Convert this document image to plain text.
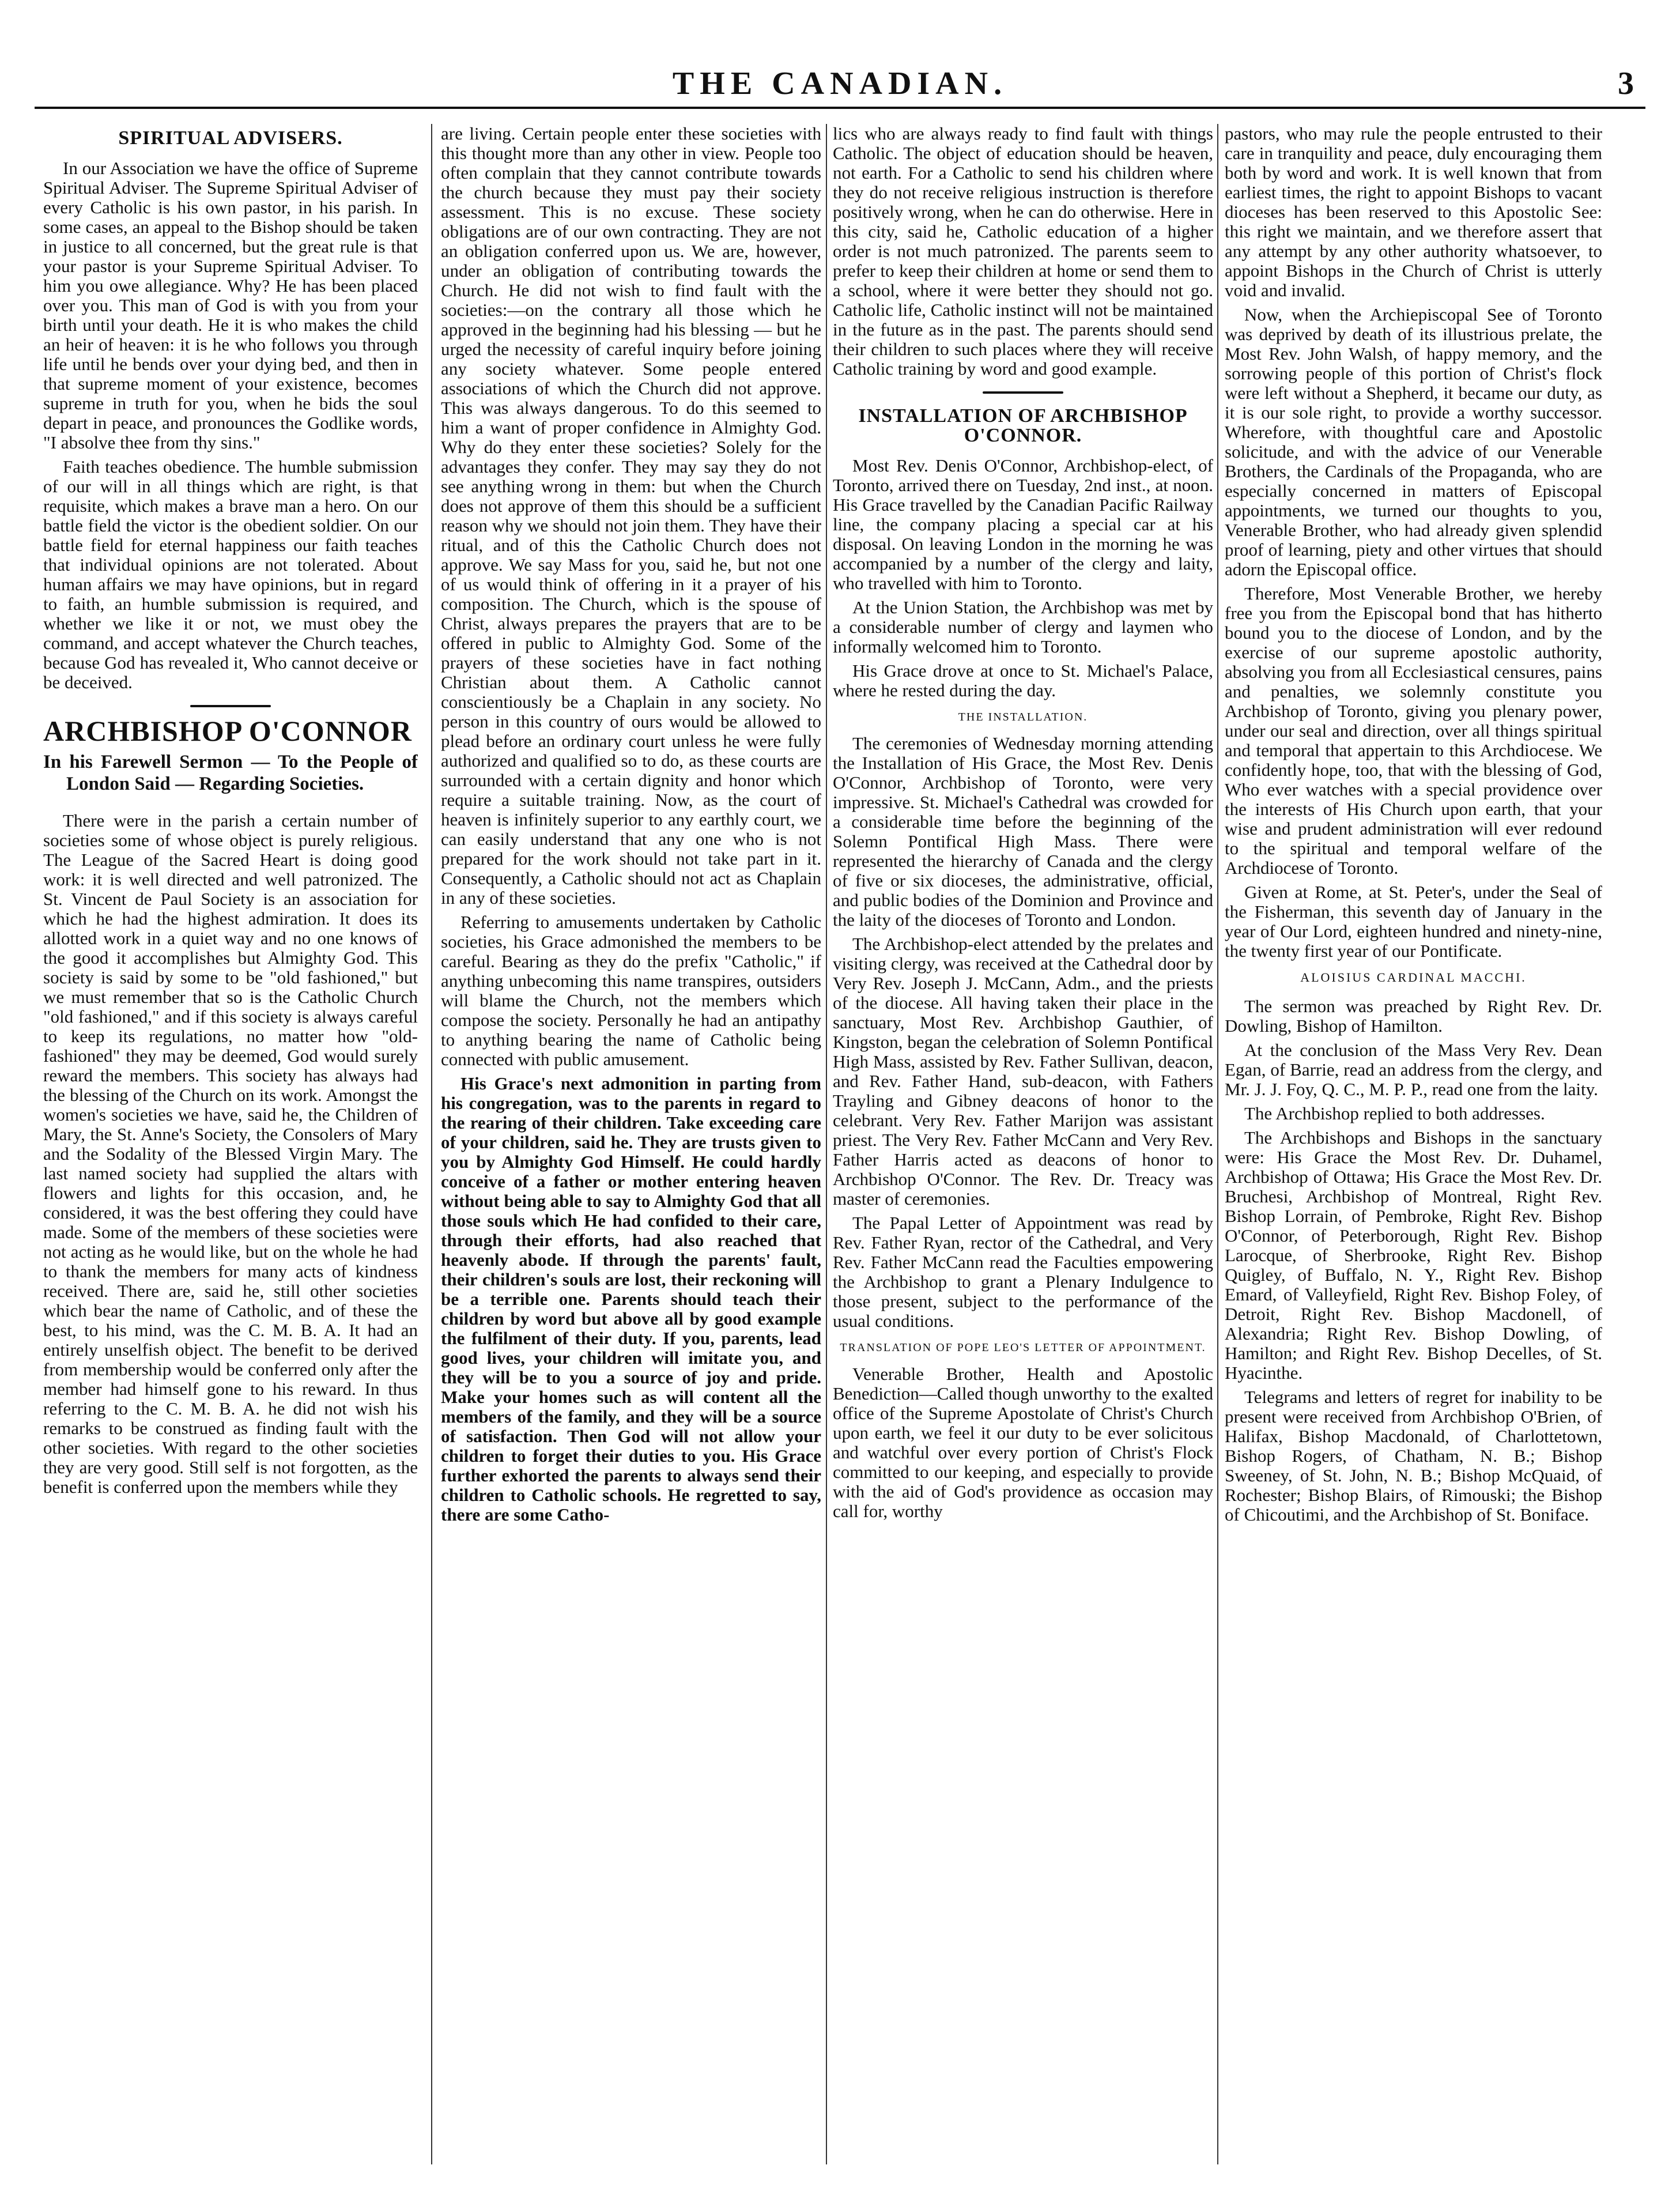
THE CANADIAN.	3
SPIRITUAL ADVISERS.

In our Association we have the office of Supreme Spiritual Adviser. The Supreme Spiritual Adviser of every Catholic is his own pastor, in his parish. In some cases, an appeal to the Bishop should be taken in justice to all concerned, but the great rule is that your pastor is your Supreme Spiritual Adviser. To him you owe allegiance. Why? He has been placed over you. This man of God is with you from your birth until your death. He it is who makes the child an heir of heaven: it is he who follows you through life until he bends over your dying bed, and then in that supreme moment of your existence, becomes supreme in truth for you, when he bids the soul depart in peace, and pronounces the Godlike words, "I absolve thee from thy sins."

Faith teaches obedience. The humble submission of our will in all things which are right, is that requisite, which makes a brave man a hero. On our battle field the victor is the obedient soldier. On our battle field for eternal happiness our faith teaches that individual opinions are not tolerated. About human affairs we may have opinions, but in regard to faith, an humble submission is required, and whether we like it or not, we must obey the command, and accept whatever the Church teaches, because God has revealed it, Who cannot deceive or be deceived.

ARCHBISHOP O'CONNOR
In his Farewell Sermon — To the People of London Said — Regarding Societies.

There were in the parish a certain number of societies some of whose object is purely religious. The League of the Sacred Heart is doing good work: it is well directed and well patronized. The St. Vincent de Paul Society is an association for which he had the highest admiration. It does its allotted work in a quiet way and no one knows of the good it accomplishes but Almighty God. This society is said by some to be "old fashioned," but we must remember that so is the Catholic Church "old fashioned," and if this society is always careful to keep its regulations, no matter how "old-fashioned" they may be deemed, God would surely reward the members. This society has always had the blessing of the Church on its work. Amongst the women's societies we have, said he, the Children of Mary, the St. Anne's Society, the Consolers of Mary and the Sodality of the Blessed Virgin Mary. The last named society had supplied the altars with flowers and lights for this occasion, and, he considered, it was the best offering they could have made. Some of the members of these societies were not acting as he would like, but on the whole he had to thank the members for many acts of kindness received. There are, said he, still other societies which bear the name of Catholic, and of these the best, to his mind, was the C. M. B. A. It had an entirely unselfish object. The benefit to be derived from membership would be conferred only after the member had himself gone to his reward. In thus referring to the C. M. B. A. he did not wish his remarks to be construed as finding fault with the other societies. With regard to the other societies they are very good. Still self is not forgotten, as the benefit is conferred upon the members while they

are living. Certain people enter these societies with this thought more than any other in view. People too often complain that they cannot contribute towards the church because they must pay their society assessment. This is no excuse. These society obligations are of our own contracting. They are not an obligation conferred upon us. We are, however, under an obligation of contributing towards the Church. He did not wish to find fault with the societies:—on the contrary all those which he approved in the beginning had his blessing — but he urged the necessity of careful inquiry before joining any society whatever. Some people entered associations of which the Church did not approve. This was always dangerous. To do this seemed to him a want of proper confidence in Almighty God. Why do they enter these societies? Solely for the advantages they confer. They may say they do not see anything wrong in them: but when the Church does not approve of them this should be a sufficient reason why we should not join them. They have their ritual, and of this the Catholic Church does not approve. We say Mass for you, said he, but not one of us would think of offering in it a prayer of his composition. The Church, which is the spouse of Christ, always prepares the prayers that are to be offered in public to Almighty God. Some of the prayers of these societies have in fact nothing Christian about them. A Catholic cannot conscientiously be a Chaplain in any society. No person in this country of ours would be allowed to plead before an ordinary court unless he were fully authorized and qualified so to do, as these courts are surrounded with a certain dignity and honor which require a suitable training. Now, as the court of heaven is infinitely superior to any earthly court, we can easily understand that any one who is not prepared for the work should not take part in it. Consequently, a Catholic should not act as Chaplain in any of these societies.

Referring to amusements undertaken by Catholic societies, his Grace admonished the members to be careful. Bearing as they do the prefix "Catholic," if anything unbecoming this name transpires, outsiders will blame the Church, not the members which compose the society. Personally he had an antipathy to anything bearing the name of Catholic being connected with public amusement.

His Grace's next admonition in parting from his congregation, was to the parents in regard to the rearing of their children. Take exceeding care of your children, said he. They are trusts given to you by Almighty God Himself. He could hardly conceive of a father or mother entering heaven without being able to say to Almighty God that all those souls which He had confided to their care, through their efforts, had also reached that heavenly abode. If through the parents' fault, their children's souls are lost, their reckoning will be a terrible one. Parents should teach their children by word but above all by good example the fulfilment of their duty. If you, parents, lead good lives, your children will imitate you, and they will be to you a source of joy and pride. Make your homes such as will content all the members of the family, and they will be a source of satisfaction. Then God will not allow your children to forget their duties to you. His Grace further exhorted the parents to always send their children to Catholic schools. He regretted to say, there are some Catho-

lics who are always ready to find fault with things Catholic. The object of education should be heaven, not earth. For a Catholic to send his children where they do not receive religious instruction is therefore positively wrong, when he can do otherwise. Here in this city, said he, Catholic education of a higher order is not much patronized. The parents seem to prefer to keep their children at home or send them to a school, where it were better they should not go. Catholic life, Catholic instinct will not be maintained in the future as in the past. The parents should send their children to such places where they will receive Catholic training by word and good example.

INSTALLATION OF ARCHBISHOP O'CONNOR.

Most Rev. Denis O'Connor, Archbishop-elect, of Toronto, arrived there on Tuesday, 2nd inst., at noon. His Grace travelled by the Canadian Pacific Railway line, the company placing a special car at his disposal. On leaving London in the morning he was accompanied by a number of the clergy and laity, who travelled with him to Toronto.

At the Union Station, the Archbishop was met by a considerable number of clergy and laymen who informally welcomed him to Toronto.

His Grace drove at once to St. Michael's Palace, where he rested during the day.

THE INSTALLATION.

The ceremonies of Wednesday morning attending the Installation of His Grace, the Most Rev. Denis O'Connor, Archbishop of Toronto, were very impressive. St. Michael's Cathedral was crowded for a considerable time before the beginning of the Solemn Pontifical High Mass. There were represented the hierarchy of Canada and the clergy of five or six dioceses, the administrative, official, and public bodies of the Dominion and Province and the laity of the dioceses of Toronto and London.

The Archbishop-elect attended by the prelates and visiting clergy, was received at the Cathedral door by Very Rev. Joseph J. McCann, Adm., and the priests of the diocese. All having taken their place in the sanctuary, Most Rev. Archbishop Gauthier, of Kingston, began the celebration of Solemn Pontifical High Mass, assisted by Rev. Father Sullivan, deacon, and Rev. Father Hand, sub-deacon, with Fathers Trayling and Gibney deacons of honor to the celebrant. Very Rev. Father Marijon was assistant priest. The Very Rev. Father McCann and Very Rev. Father Harris acted as deacons of honor to Archbishop O'Connor. The Rev. Dr. Treacy was master of ceremonies.

The Papal Letter of Appointment was read by Rev. Father Ryan, rector of the Cathedral, and Very Rev. Father McCann read the Faculties empowering the Archbishop to grant a Plenary Indulgence to those present, subject to the performance of the usual conditions.

TRANSLATION OF POPE LEO'S LETTER OF APPOINTMENT.

Venerable Brother, Health and Apostolic Benediction—Called though unworthy to the exalted office of the Supreme Apostolate of Christ's Church upon earth, we feel it our duty to be ever solicitous and watchful over every portion of Christ's Flock committed to our keeping, and especially to provide with the aid of God's providence as occasion may call for, worthy

pastors, who may rule the people entrusted to their care in tranquility and peace, duly encouraging them both by word and work. It is well known that from earliest times, the right to appoint Bishops to vacant dioceses has been reserved to this Apostolic See: this right we maintain, and we therefore assert that any attempt by any other authority whatsoever, to appoint Bishops in the Church of Christ is utterly void and invalid.

Now, when the Archiepiscopal See of Toronto was deprived by death of its illustrious prelate, the Most Rev. John Walsh, of happy memory, and the sorrowing people of this portion of Christ's flock were left without a Shepherd, it became our duty, as it is our sole right, to provide a worthy successor. Wherefore, with thoughtful care and Apostolic solicitude, and with the advice of our Venerable Brothers, the Cardinals of the Propaganda, who are especially concerned in matters of Episcopal appointments, we turned our thoughts to you, Venerable Brother, who had already given splendid proof of learning, piety and other virtues that should adorn the Episcopal office.

Therefore, Most Venerable Brother, we hereby free you from the Episcopal bond that has hitherto bound you to the diocese of London, and by the exercise of our supreme apostolic authority, absolving you from all Ecclesiastical censures, pains and penalties, we solemnly constitute you Archbishop of Toronto, giving you plenary power, under our seal and direction, over all things spiritual and temporal that appertain to this Archdiocese. We confidently hope, too, that with the blessing of God, Who ever watches with a special providence over the interests of His Church upon earth, that your wise and prudent administration will ever redound to the spiritual and temporal welfare of the Archdiocese of Toronto.

Given at Rome, at St. Peter's, under the Seal of the Fisherman, this seventh day of January in the year of Our Lord, eighteen hundred and ninety-nine, the twenty first year of our Pontificate.

ALOISIUS CARDINAL MACCHI.

The sermon was preached by Right Rev. Dr. Dowling, Bishop of Hamilton.

At the conclusion of the Mass Very Rev. Dean Egan, of Barrie, read an address from the clergy, and Mr. J. J. Foy, Q. C., M. P. P., read one from the laity.

The Archbishop replied to both addresses.

The Archbishops and Bishops in the sanctuary were: His Grace the Most Rev. Dr. Duhamel, Archbishop of Ottawa; His Grace the Most Rev. Dr. Bruchesi, Archbishop of Montreal, Right Rev. Bishop Lorrain, of Pembroke, Right Rev. Bishop O'Connor, of Peterborough, Right Rev. Bishop Larocque, of Sherbrooke, Right Rev. Bishop Quigley, of Buffalo, N. Y., Right Rev. Bishop Emard, of Valleyfield, Right Rev. Bishop Foley, of Detroit, Right Rev. Bishop Macdonell, of Alexandria; Right Rev. Bishop Dowling, of Hamilton; and Right Rev. Bishop Decelles, of St. Hyacinthe.

Telegrams and letters of regret for inability to be present were received from Archbishop O'Brien, of Halifax, Bishop Macdonald, of Charlottetown, Bishop Rogers, of Chatham, N. B.; Bishop Sweeney, of St. John, N. B.; Bishop McQuaid, of Rochester; Bishop Blairs, of Rimouski; the Bishop of Chicoutimi, and the Archbishop of St. Boniface.
